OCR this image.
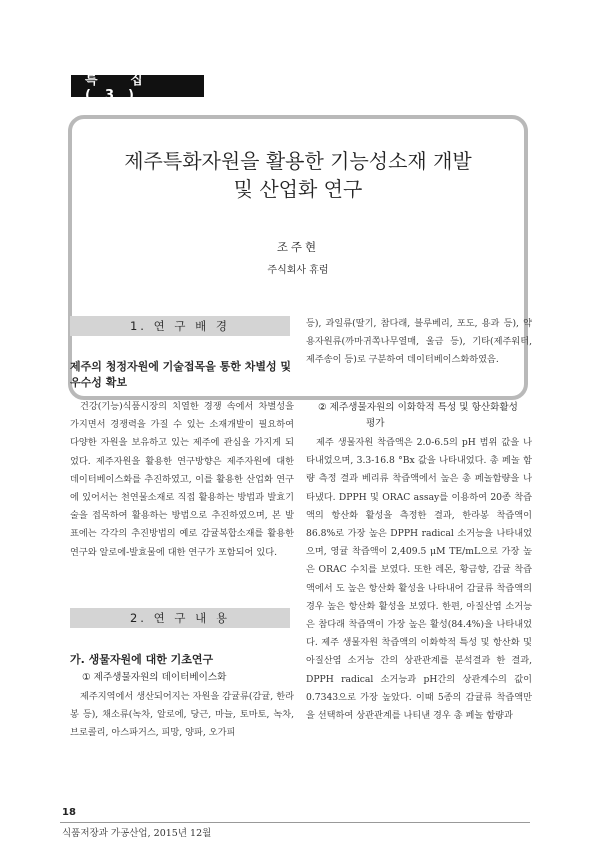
특 집 (3)
제주특화자원을 활용한 기능성소재 개발
및 산업화 연구
조주현
주식회사 휴럼
1. 연 구 배 경
제주의 청정자원에 기술접목을 통한 차별성 및 우수성 확보

건강(기능)식품시장의 치열한 경쟁 속에서 차별성을 가지면서 경쟁력을 가질 수 있는 소재개발이 필요하여 다양한 자원을 보유하고 있는 제주에 관심을 가지게 되었다. 제주자원을 활용한 연구방향은 제주자원에 대한 데이터베이스화를 추진하였고, 이를 활용한 산업화 연구에 있어서는 천연물소재로 직접 활용하는 방법과 발효기술을 접목하여 활용하는 방법으로 추진하였으며, 본 발표에는 각각의 추진방법의 예로 감귤복합소재를 활용한 연구와 알로에-발효물에 대한 연구가 포함되어 있다.

2. 연 구 내 용
가. 생물자원에 대한 기초연구
① 제주생물자원의 데이터베이스화

제주지역에서 생산되어지는 자원을 감귤류(감귤, 한라봉 등), 채소류(녹차, 알로에, 당근, 마늘, 토마토, 녹차, 브로콜리, 아스파거스, 피망, 양파, 오가피

등), 과일류(딸기, 참다래, 블루베리, 포도, 용과 등), 약용자원류(까마귀쪽나무열매, 울금 등), 기타(제주워터, 제주송이 등)로 구분하여 데이터베이스화하였음.

② 제주생물자원의 이화학적 특성 및 항산화활성
평가

제주 생물자원 착즙액은 2.0-6.5의 pH 범위 값을 나타내었으며, 3.3-16.8 °Bx 값을 나타내었다. 총 페놀 함량 측정 결과 베리류 착즙액에서 높은 총 페놀함량을 나타냈다. DPPH 및 ORAC assay를 이용하여 20종 착즙액의 항산화 활성을 측정한 결과, 한라봉 착즙액이 86.8%로 가장 높은 DPPH radical 소거능을 나타내었으며, 영귤 착즙액이 2,409.5 μM TE/mL으로 가장 높은 ORAC 수치를 보였다. 또한 레몬, 황금향, 감귤 착즙액에서 도 높은 항산화 활성을 나타내어 감귤류 착즙액의 경우 높은 항산화 활성을 보였다. 한편, 아질산염 소거능은 참다래 착즙액이 가장 높은 활성(84.4%)을 나타내었다. 제주 생물자원 착즙액의 이화학적 특성 및 항산화 및 아질산염 소거능 간의 상관관계를 분석결과 한 결과, DPPH radical 소거능과 pH간의 상관계수의 값이 0.7343으로 가장 높았다. 이때 5종의 감귤류 착즙액만을 선택하여 상관관계를 나티낸 경우 총 페놀 함량과

18
식품저장과 가공산업, 2015년 12월
